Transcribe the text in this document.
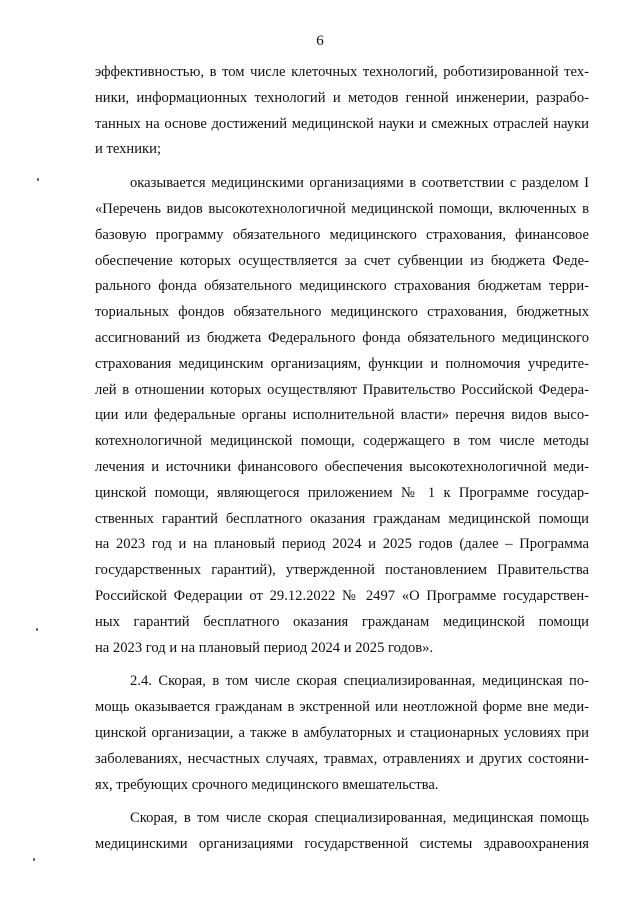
6

эффективностью, в том числе клеточных технологий, роботизированной тех-
ники, информационных технологий и методов генной инженерии, разрабо-
танных на основе достижений медицинской науки и смежных отраслей науки
и техники;

оказывается медицинскими организациями в соответствии с разделом I
«Перечень видов высокотехнологичной медицинской помощи, включенных в
базовую программу обязательного медицинского страхования, финансовое
обеспечение которых осуществляется за счет субвенции из бюджета Феде-
рального фонда обязательного медицинского страхования бюджетам терри-
ториальных фондов обязательного медицинского страхования, бюджетных
ассигнований из бюджета Федерального фонда обязательного медицинского
страхования медицинским организациям, функции и полномочия учредите-
лей в отношении которых осуществляют Правительство Российской Федера-
ции или федеральные органы исполнительной власти» перечня видов высо-
котехнологичной медицинской помощи, содержащего в том числе методы
лечения и источники финансового обеспечения высокотехнологичной меди-
цинской помощи, являющегося приложением № 1 к Программе государ-
ственных гарантий бесплатного оказания гражданам медицинской помощи
на 2023 год и на плановый период 2024 и 2025 годов (далее – Программа
государственных гарантий), утвержденной постановлением Правительства
Российской Федерации от 29.12.2022 № 2497 «О Программе государствен-
ных гарантий бесплатного оказания гражданам медицинской помощи
на 2023 год и на плановый период 2024 и 2025 годов».

2.4. Скорая, в том числе скорая специализированная, медицинская по-
мощь оказывается гражданам в экстренной или неотложной форме вне меди-
цинской организации, а также в амбулаторных и стационарных условиях при
заболеваниях, несчастных случаях, травмах, отравлениях и других состояни-
ях, требующих срочного медицинского вмешательства.

Скорая, в том числе скорая специализированная, медицинская помощь
медицинскими организациями государственной системы здравоохранения
